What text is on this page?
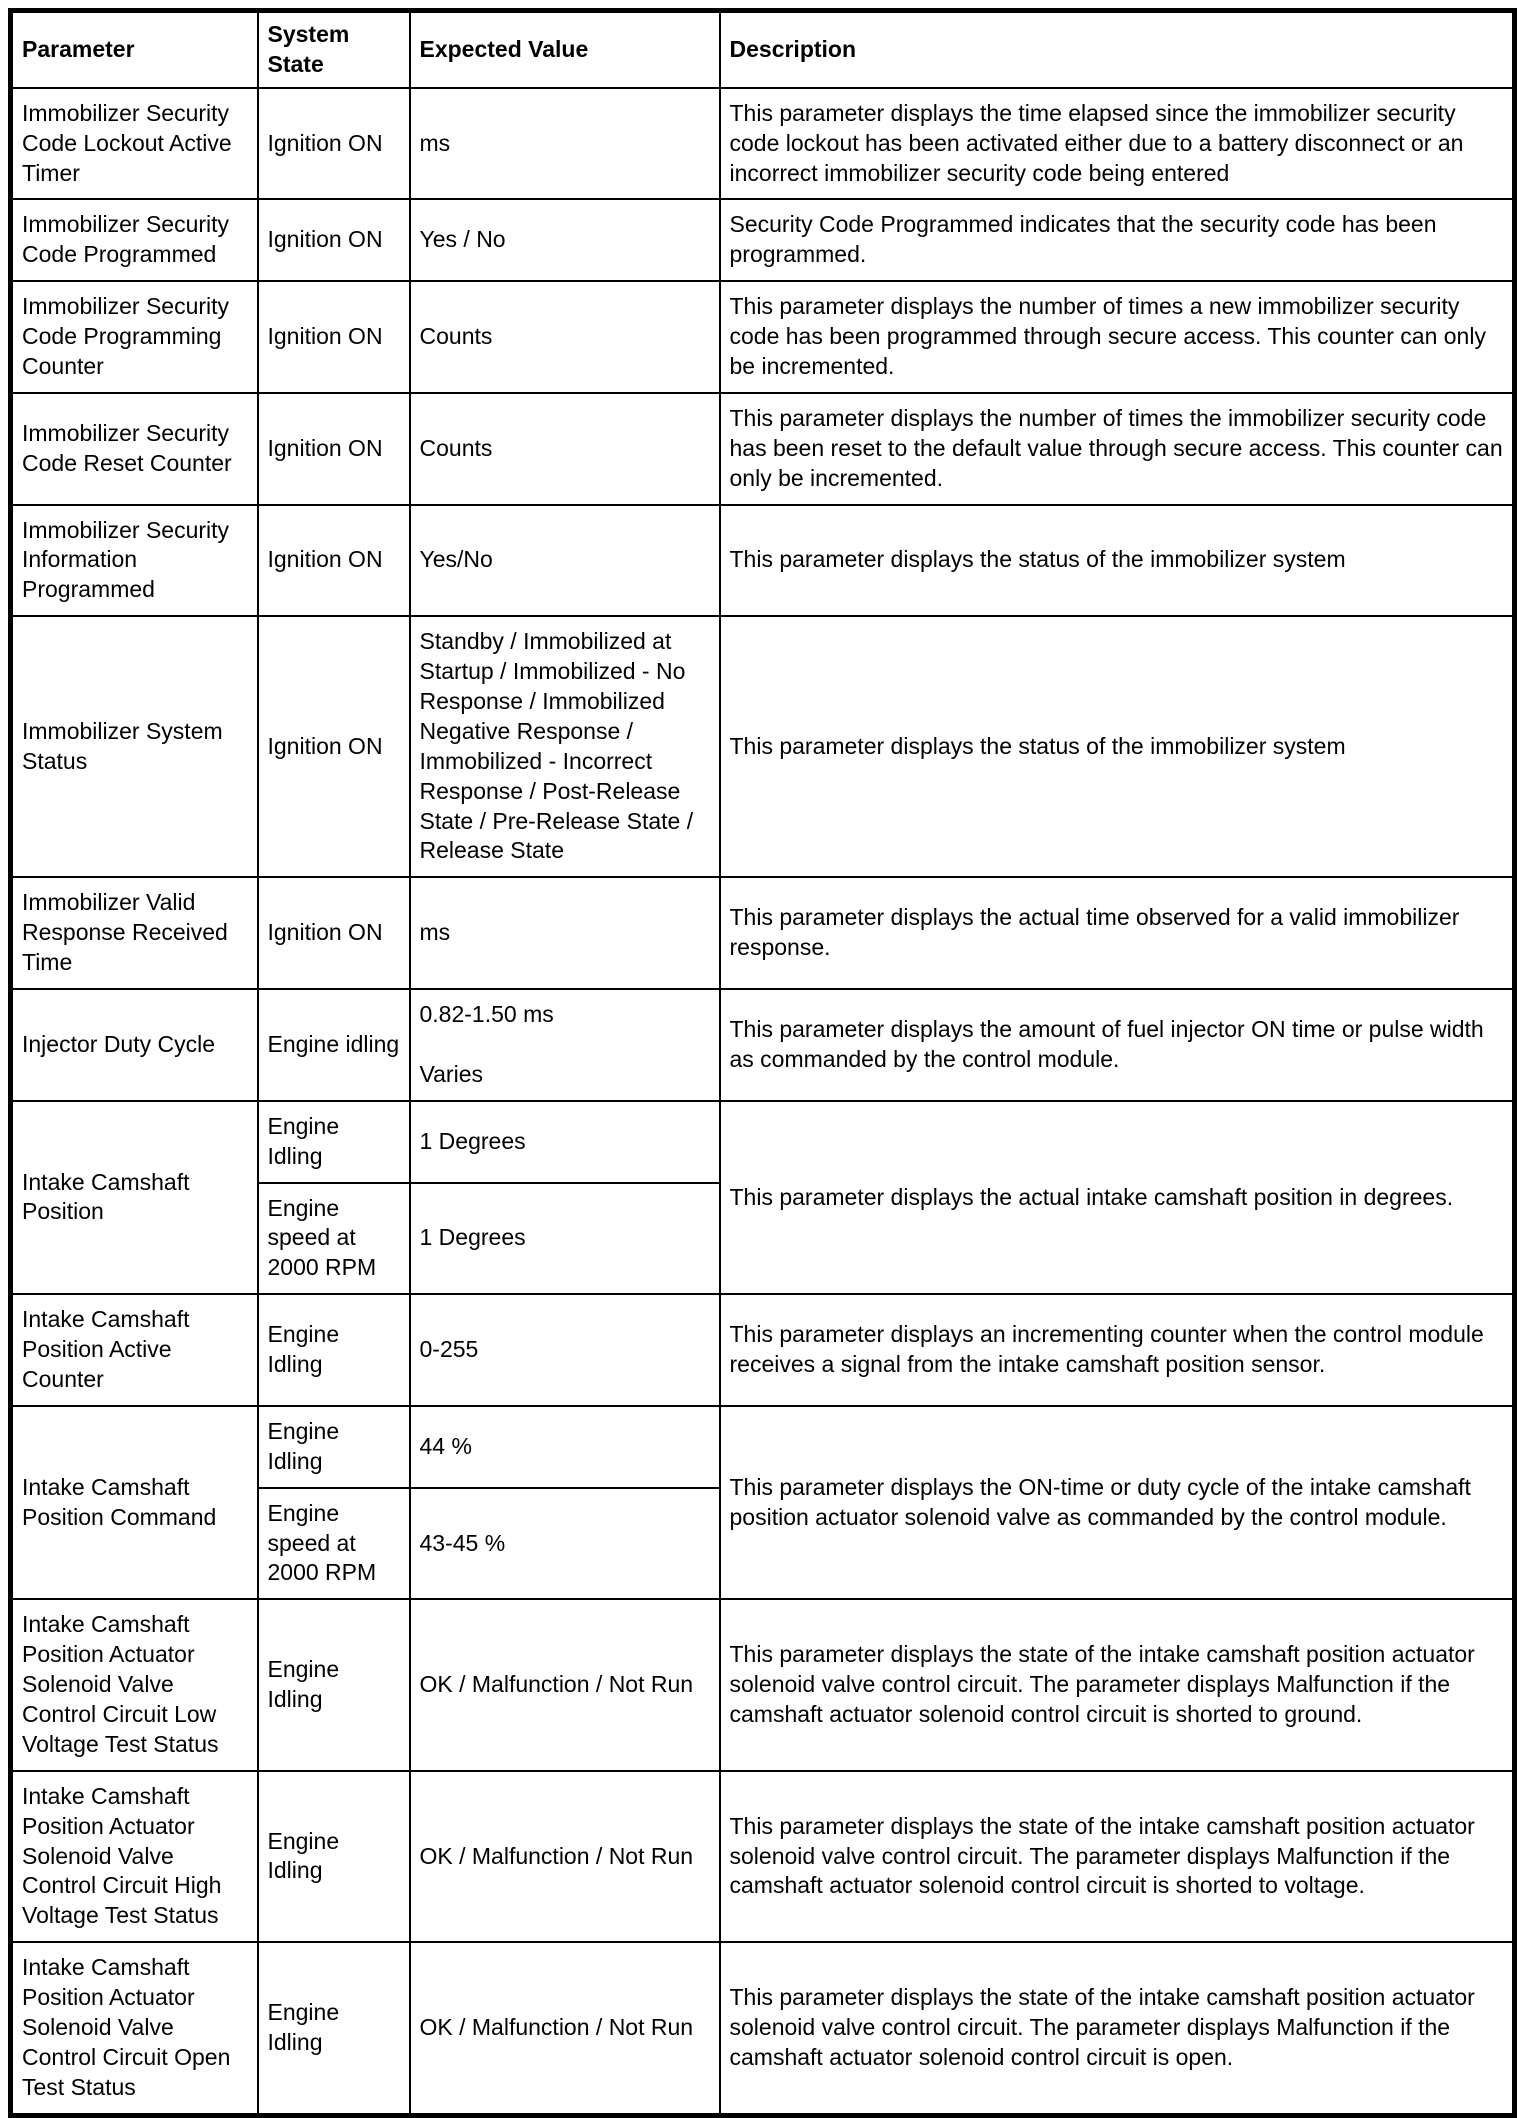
Parameter	System State	Expected Value	Description
Immobilizer Security Code Lockout Active Timer	Ignition ON	ms	This parameter displays the time elapsed since the immobilizer security code lockout has been activated either due to a battery disconnect or an incorrect immobilizer security code being entered
Immobilizer Security Code Programmed	Ignition ON	Yes / No	Security Code Programmed indicates that the security code has been programmed.
Immobilizer Security Code Programming Counter	Ignition ON	Counts	This parameter displays the number of times a new immobilizer security code has been programmed through secure access. This counter can only be incremented.
Immobilizer Security Code Reset Counter	Ignition ON	Counts	This parameter displays the number of times the immobilizer security code has been reset to the default value through secure access. This counter can only be incremented.
Immobilizer Security Information Programmed	Ignition ON	Yes/No	This parameter displays the status of the immobilizer system
Immobilizer System Status	Ignition ON	Standby / Immobilized at Startup / Immobilized - No Response / Immobilized Negative Response / Immobilized - Incorrect Response / Post-Release State / Pre-Release State / Release State	This parameter displays the status of the immobilizer system
Immobilizer Valid Response Received Time	Ignition ON	ms	This parameter displays the actual time observed for a valid immobilizer response.
Injector Duty Cycle	Engine idling	0.82-1.50 ms

Varies	This parameter displays the amount of fuel injector ON time or pulse width as commanded by the control module.
Intake Camshaft Position	Engine Idling	1 Degrees	This parameter displays the actual intake camshaft position in degrees.
	Engine speed at 2000 RPM	1 Degrees	
Intake Camshaft Position Active Counter	Engine Idling	0-255	This parameter displays an incrementing counter when the control module receives a signal from the intake camshaft position sensor.
Intake Camshaft Position Command	Engine Idling	44 %	This parameter displays the ON-time or duty cycle of the intake camshaft position actuator solenoid valve as commanded by the control module.
	Engine speed at 2000 RPM	43-45 %	
Intake Camshaft Position Actuator Solenoid Valve Control Circuit Low Voltage Test Status	Engine Idling	OK / Malfunction / Not Run	This parameter displays the state of the intake camshaft position actuator solenoid valve control circuit. The parameter displays Malfunction if the camshaft actuator solenoid control circuit is shorted to ground.
Intake Camshaft Position Actuator Solenoid Valve Control Circuit High Voltage Test Status	Engine Idling	OK / Malfunction / Not Run	This parameter displays the state of the intake camshaft position actuator solenoid valve control circuit. The parameter displays Malfunction if the camshaft actuator solenoid control circuit is shorted to voltage.
Intake Camshaft Position Actuator Solenoid Valve Control Circuit Open Test Status	Engine Idling	OK / Malfunction / Not Run	This parameter displays the state of the intake camshaft position actuator solenoid valve control circuit. The parameter displays Malfunction if the camshaft actuator solenoid control circuit is open.
